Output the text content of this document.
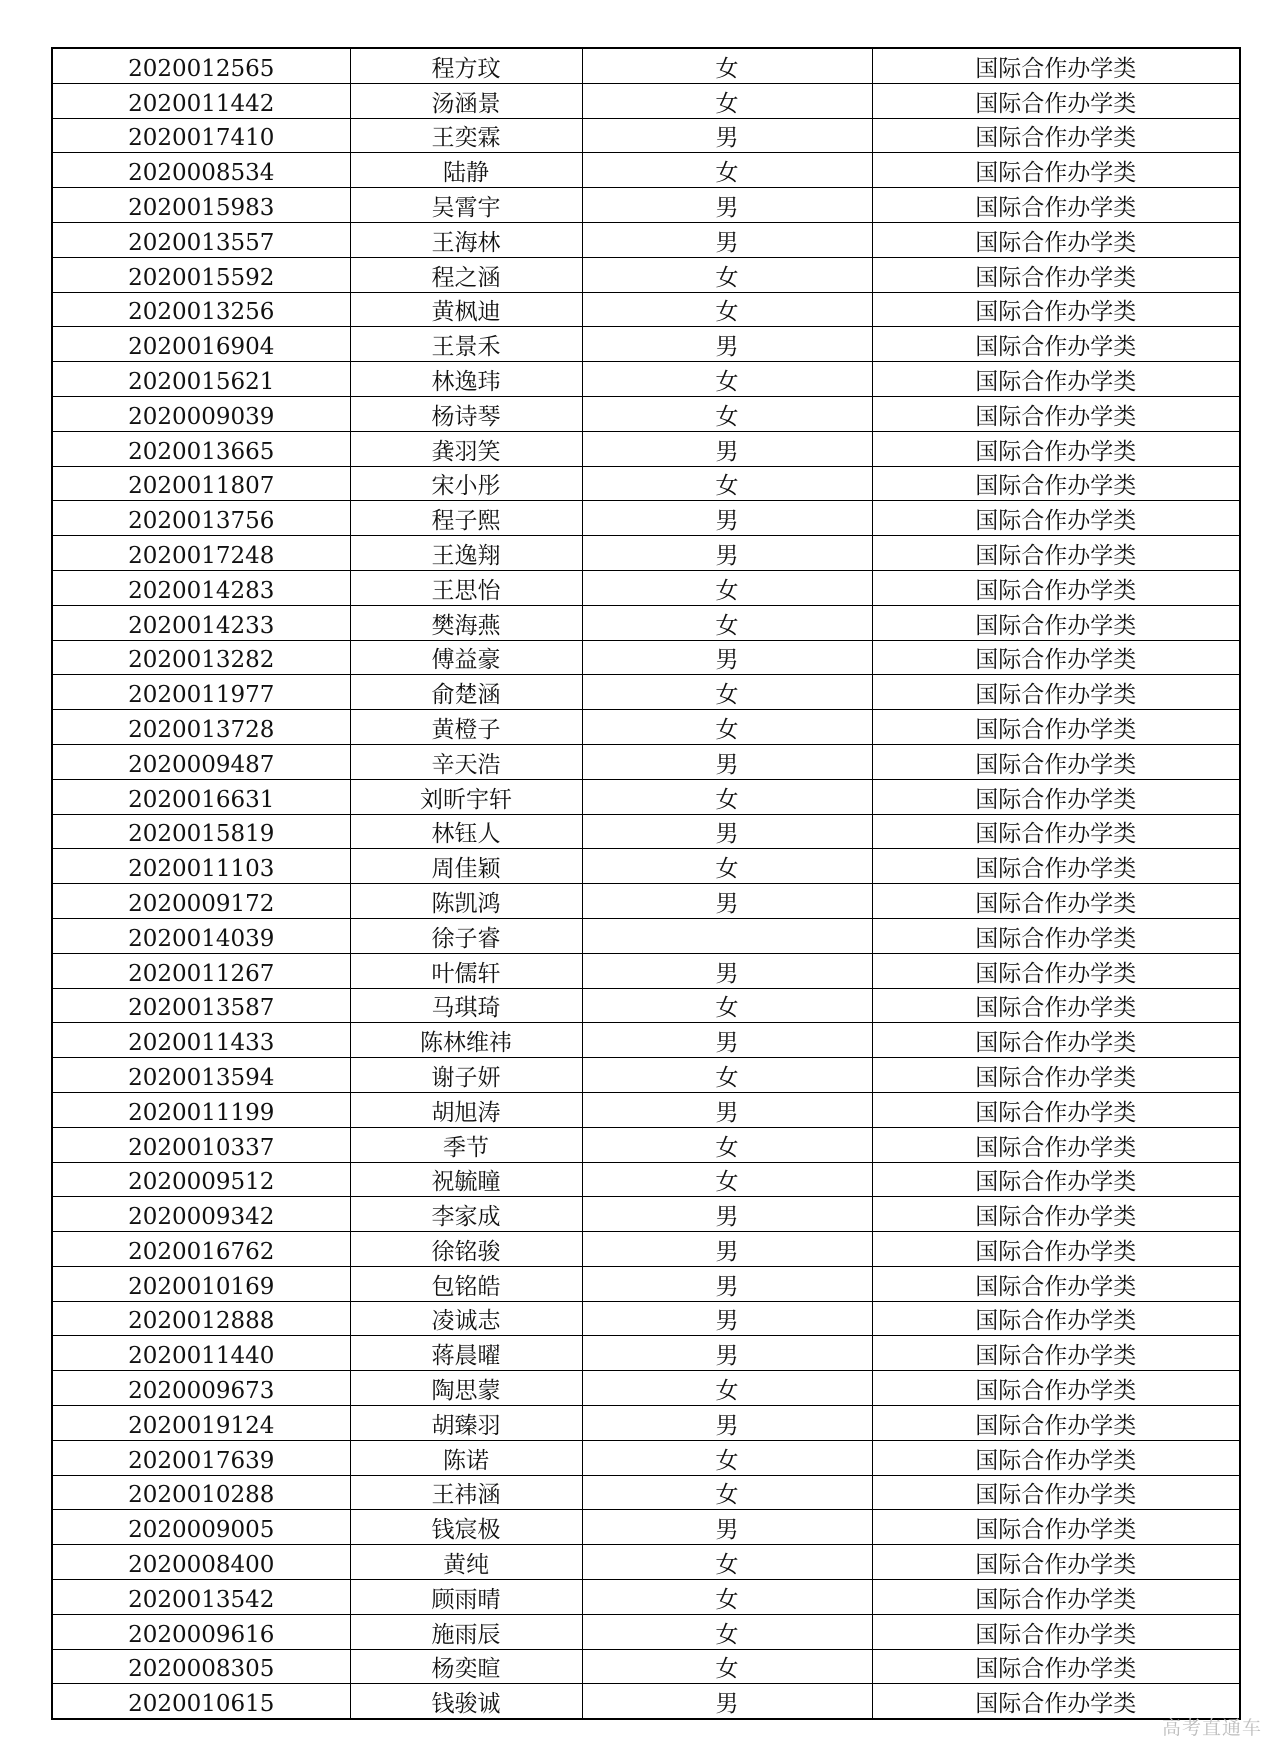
2020012565	程方玟	女	国际合作办学类
2020011442	汤涵景	女	国际合作办学类
2020017410	王奕霖	男	国际合作办学类
2020008534	陆静	女	国际合作办学类
2020015983	吴霄宇	男	国际合作办学类
2020013557	王海林	男	国际合作办学类
2020015592	程之涵	女	国际合作办学类
2020013256	黄枫迪	女	国际合作办学类
2020016904	王景禾	男	国际合作办学类
2020015621	林逸玮	女	国际合作办学类
2020009039	杨诗琴	女	国际合作办学类
2020013665	龚羽笑	男	国际合作办学类
2020011807	宋小彤	女	国际合作办学类
2020013756	程子熙	男	国际合作办学类
2020017248	王逸翔	男	国际合作办学类
2020014283	王思怡	女	国际合作办学类
2020014233	樊海燕	女	国际合作办学类
2020013282	傅益豪	男	国际合作办学类
2020011977	俞楚涵	女	国际合作办学类
2020013728	黄橙子	女	国际合作办学类
2020009487	辛天浩	男	国际合作办学类
2020016631	刘昕宇轩	女	国际合作办学类
2020015819	林钰人	男	国际合作办学类
2020011103	周佳颖	女	国际合作办学类
2020009172	陈凯鸿	男	国际合作办学类
2020014039	徐子睿		国际合作办学类
2020011267	叶儒轩	男	国际合作办学类
2020013587	马琪琦	女	国际合作办学类
2020011433	陈林维祎	男	国际合作办学类
2020013594	谢子妍	女	国际合作办学类
2020011199	胡旭涛	男	国际合作办学类
2020010337	季节	女	国际合作办学类
2020009512	祝毓瞳	女	国际合作办学类
2020009342	李家成	男	国际合作办学类
2020016762	徐铭骏	男	国际合作办学类
2020010169	包铭皓	男	国际合作办学类
2020012888	凌诚志	男	国际合作办学类
2020011440	蒋晨曜	男	国际合作办学类
2020009673	陶思蒙	女	国际合作办学类
2020019124	胡臻羽	男	国际合作办学类
2020017639	陈诺	女	国际合作办学类
2020010288	王祎涵	女	国际合作办学类
2020009005	钱宸极	男	国际合作办学类
2020008400	黄纯	女	国际合作办学类
2020013542	顾雨晴	女	国际合作办学类
2020009616	施雨辰	女	国际合作办学类
2020008305	杨奕暄	女	国际合作办学类
2020010615	钱骏诚	男	国际合作办学类
高考直通车
